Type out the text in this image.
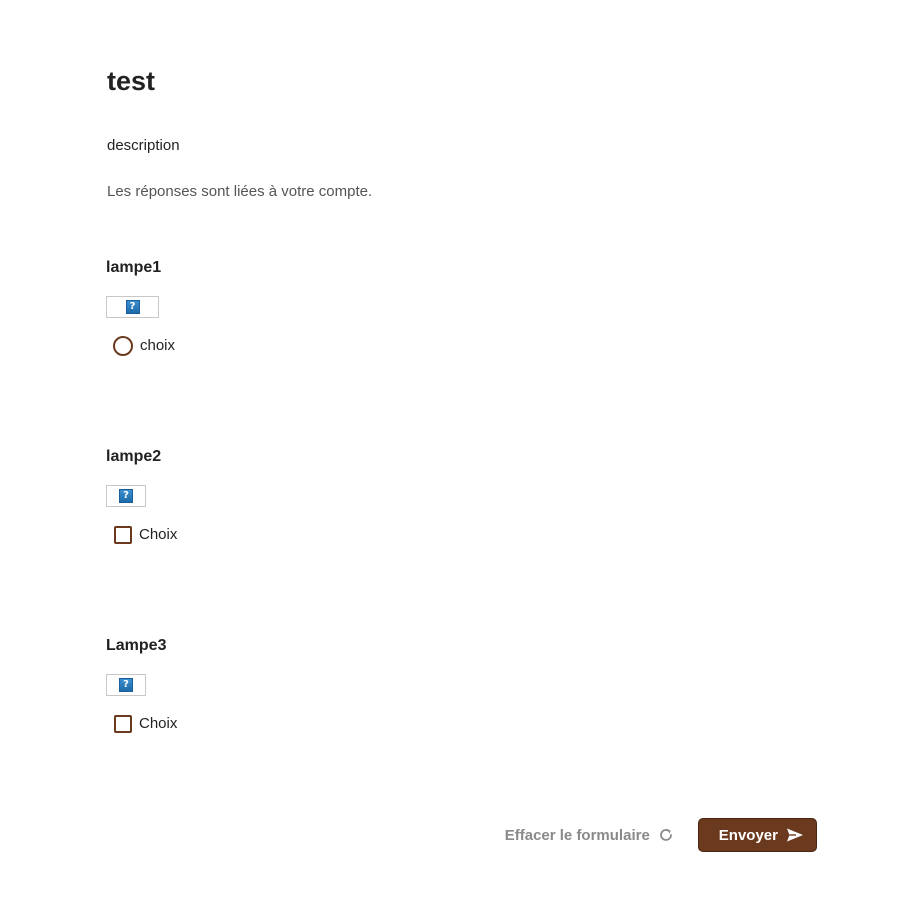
test

description

Les réponses sont liées à votre compte.

lampe1
?
choix
lampe2
?
Choix
Lampe3
?
Choix
Effacer le formulaire	Envoyer
